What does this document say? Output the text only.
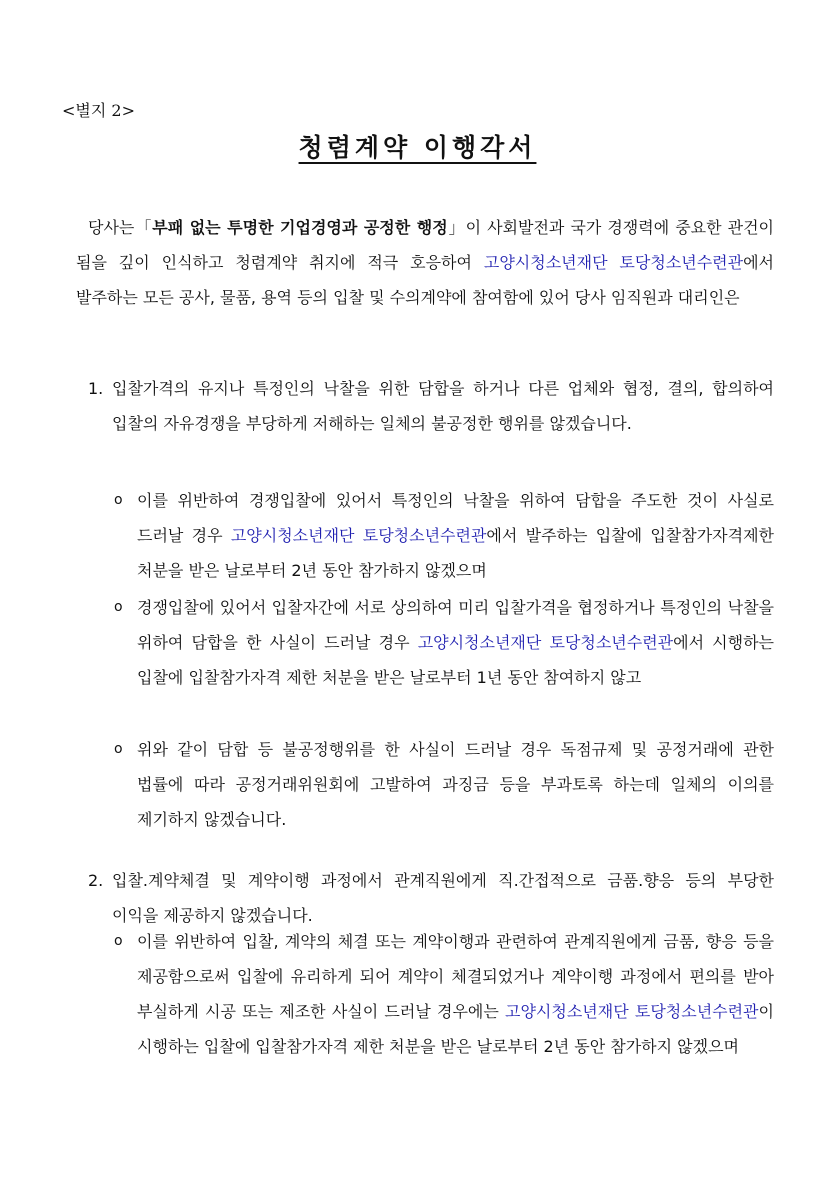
<별지 2>
청렴계약 이행각서

당사는「부패 없는 투명한 기업경영과 공정한 행정」이 사회발전과 국가 경쟁력에 중요한 관건이 됨을 깊이 인식하고 청렴계약 취지에 적극 호응하여 고양시청소년재단 토당청소년수련관에서 발주하는 모든 공사, 물품, 용역 등의 입찰 및 수의계약에 참여함에 있어 당사 임직원과 대리인은

1. 입찰가격의 유지나 특정인의 낙찰을 위한 담합을 하거나 다른 업체와 협정, 결의, 합의하여 입찰의 자유경쟁을 부당하게 저해하는 일체의 불공정한 행위를 않겠습니다.

o 이를 위반하여 경쟁입찰에 있어서 특정인의 낙찰을 위하여 담합을 주도한 것이 사실로 드러날 경우 고양시청소년재단 토당청소년수련관에서 발주하는 입찰에 입찰참가자격제한 처분을 받은 날로부터 2년 동안 참가하지 않겠으며

o 경쟁입찰에 있어서 입찰자간에 서로 상의하여 미리 입찰가격을 협정하거나 특정인의 낙찰을 위하여 담합을 한 사실이 드러날 경우 고양시청소년재단 토당청소년수련관에서 시행하는 입찰에 입찰참가자격 제한 처분을 받은 날로부터 1년 동안 참여하지 않고

o 위와 같이 담합 등 불공정행위를 한 사실이 드러날 경우 독점규제 및 공정거래에 관한 법률에 따라 공정거래위원회에 고발하여 과징금 등을 부과토록 하는데 일체의 이의를 제기하지 않겠습니다.

2. 입찰.계약체결 및 계약이행 과정에서 관계직원에게 직.간접적으로 금품.향응 등의 부당한 이익을 제공하지 않겠습니다.

o 이를 위반하여 입찰, 계약의 체결 또는 계약이행과 관련하여 관계직원에게 금품, 향응 등을 제공함으로써 입찰에 유리하게 되어 계약이 체결되었거나 계약이행 과정에서 편의를 받아 부실하게 시공 또는 제조한 사실이 드러날 경우에는 고양시청소년재단 토당청소년수련관이 시행하는 입찰에 입찰참가자격 제한 처분을 받은 날로부터 2년 동안 참가하지 않겠으며
